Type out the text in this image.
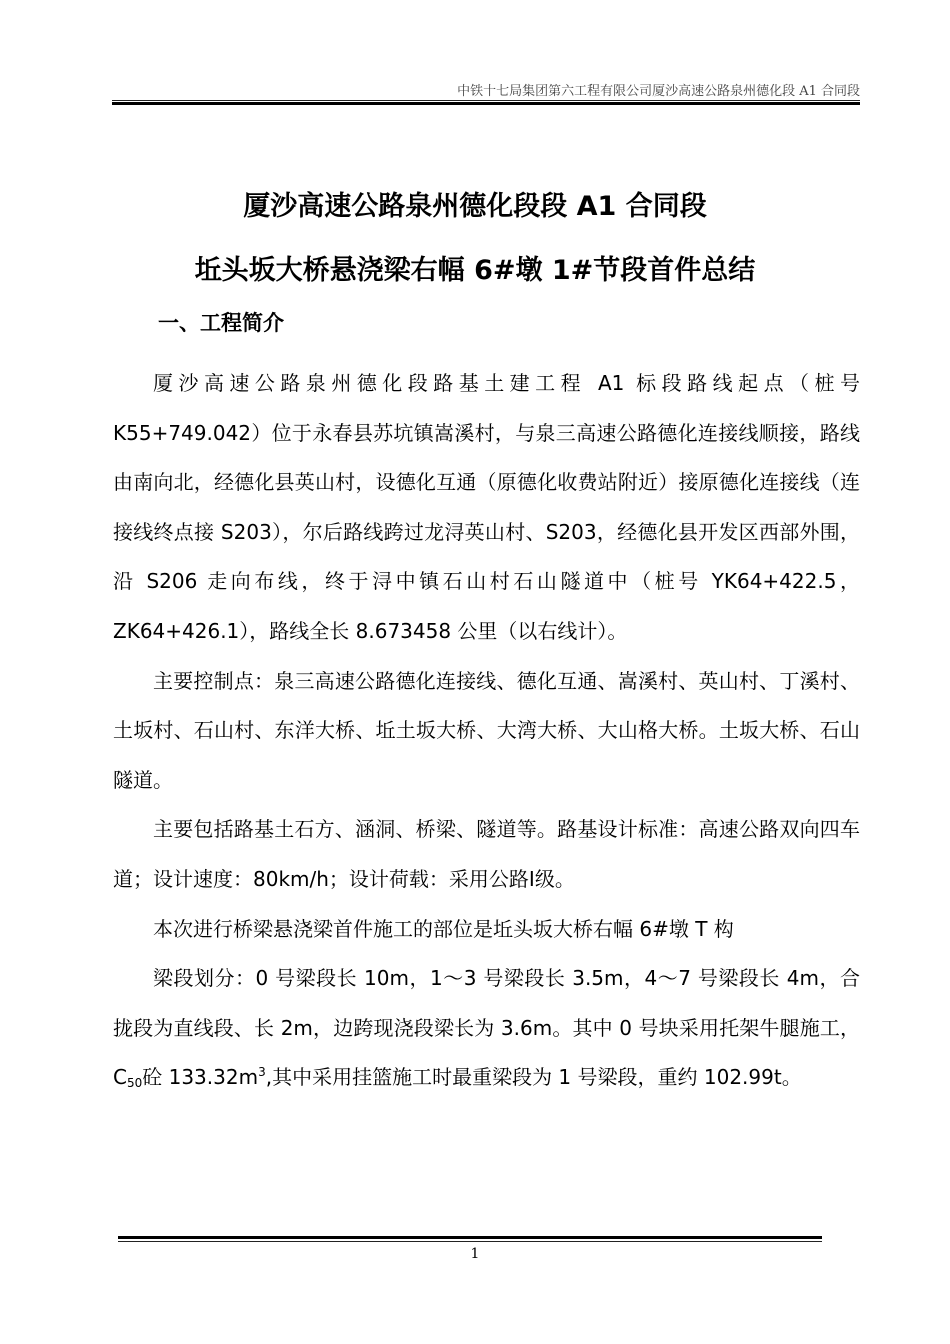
中铁十七局集团第六工程有限公司厦沙高速公路泉州德化段 A1 合同段
厦沙高速公路泉州德化段段 A1 合同段
坵头坂大桥悬浇梁右幅 6#墩 1#节段首件总结
一、工程简介

厦沙高速公路泉州德化段路基土建工程 A1 标段路线起点（桩号K55+749.042）位于永春县苏坑镇嵩溪村，与泉三高速公路德化连接线顺接，路线由南向北，经德化县英山村，设德化互通（原德化收费站附近）接原德化连接线（连接线终点接 S203），尔后路线跨过龙浔英山村、S203，经德化县开发区西部外围，沿 S206 走向布线，终于浔中镇石山村石山隧道中（桩号 YK64+422.5，ZK64+426.1），路线全长 8.673458 公里（以右线计）。

主要控制点：泉三高速公路德化连接线、德化互通、嵩溪村、英山村、丁溪村、土坂村、石山村、东洋大桥、坵土坂大桥、大湾大桥、大山格大桥。土坂大桥、石山隧道。

主要包括路基土石方、涵洞、桥梁、隧道等。路基设计标准：高速公路双向四车道；设计速度：80km/h；设计荷载：采用公路Ⅰ级。

本次进行桥梁悬浇梁首件施工的部位是坵头坂大桥右幅 6#墩 T 构

梁段划分：0 号梁段长 10m，1～3 号梁段长 3.5m，4～7 号梁段长 4m，合拢段为直线段、长 2m，边跨现浇段梁长为 3.6m。其中 0 号块采用托架牛腿施工，$C_{50}$砼 $133.32m^3$,其中采用挂篮施工时最重梁段为 1 号梁段，重约 102.99t。

1
